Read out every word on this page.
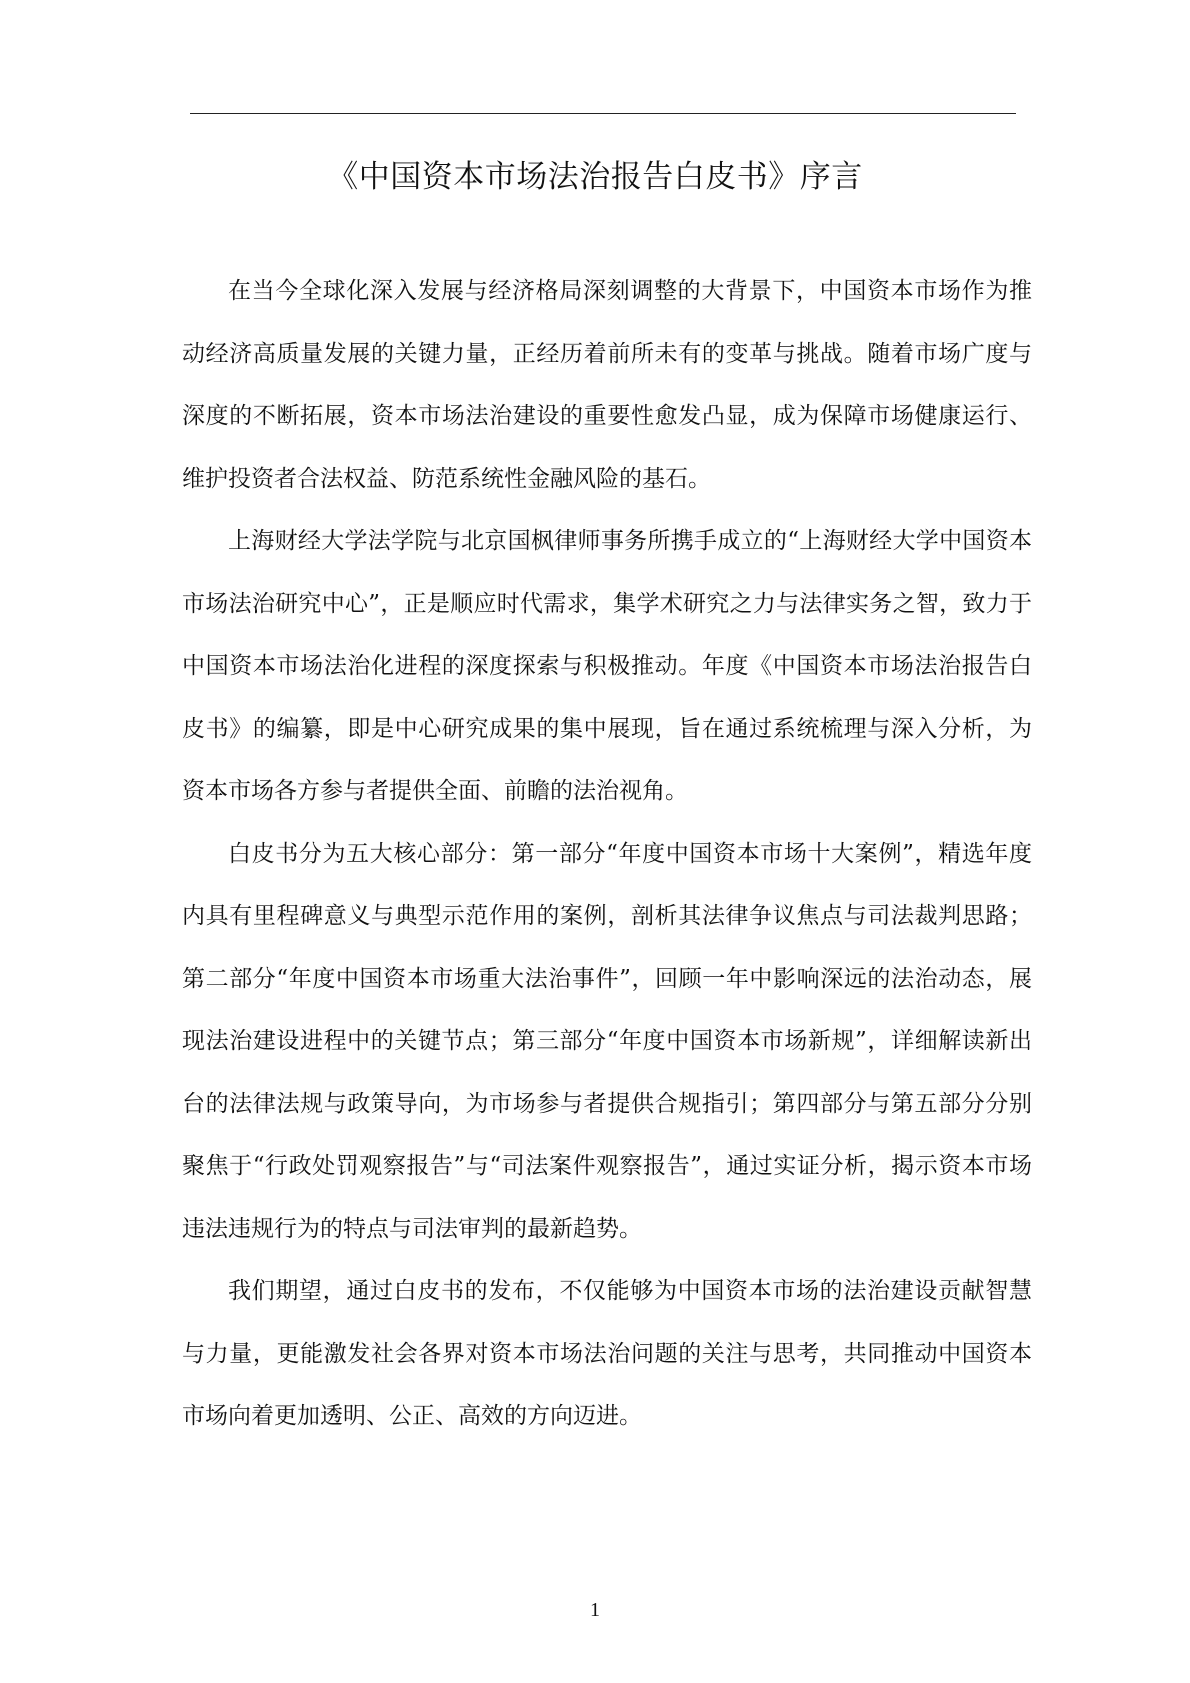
《中国资本市场法治报告白皮书》序言

在当今全球化深入发展与经济格局深刻调整的大背景下，中国资本市场作为推动经济高质量发展的关键力量，正经历着前所未有的变革与挑战。随着市场广度与深度的不断拓展，资本市场法治建设的重要性愈发凸显，成为保障市场健康运行、维护投资者合法权益、防范系统性金融风险的基石。

上海财经大学法学院与北京国枫律师事务所携手成立的“上海财经大学中国资本市场法治研究中心”，正是顺应时代需求，集学术研究之力与法律实务之智，致力于中国资本市场法治化进程的深度探索与积极推动。年度《中国资本市场法治报告白皮书》的编纂，即是中心研究成果的集中展现，旨在通过系统梳理与深入分析，为资本市场各方参与者提供全面、前瞻的法治视角。

白皮书分为五大核心部分：第一部分“年度中国资本市场十大案例”，精选年度内具有里程碑意义与典型示范作用的案例，剖析其法律争议焦点与司法裁判思路；第二部分“年度中国资本市场重大法治事件”，回顾一年中影响深远的法治动态，展现法治建设进程中的关键节点；第三部分“年度中国资本市场新规”，详细解读新出台的法律法规与政策导向，为市场参与者提供合规指引；第四部分与第五部分分别聚焦于“行政处罚观察报告”与“司法案件观察报告”，通过实证分析，揭示资本市场违法违规行为的特点与司法审判的最新趋势。

我们期望，通过白皮书的发布，不仅能够为中国资本市场的法治建设贡献智慧与力量，更能激发社会各界对资本市场法治问题的关注与思考，共同推动中国资本市场向着更加透明、公正、高效的方向迈进。

1
